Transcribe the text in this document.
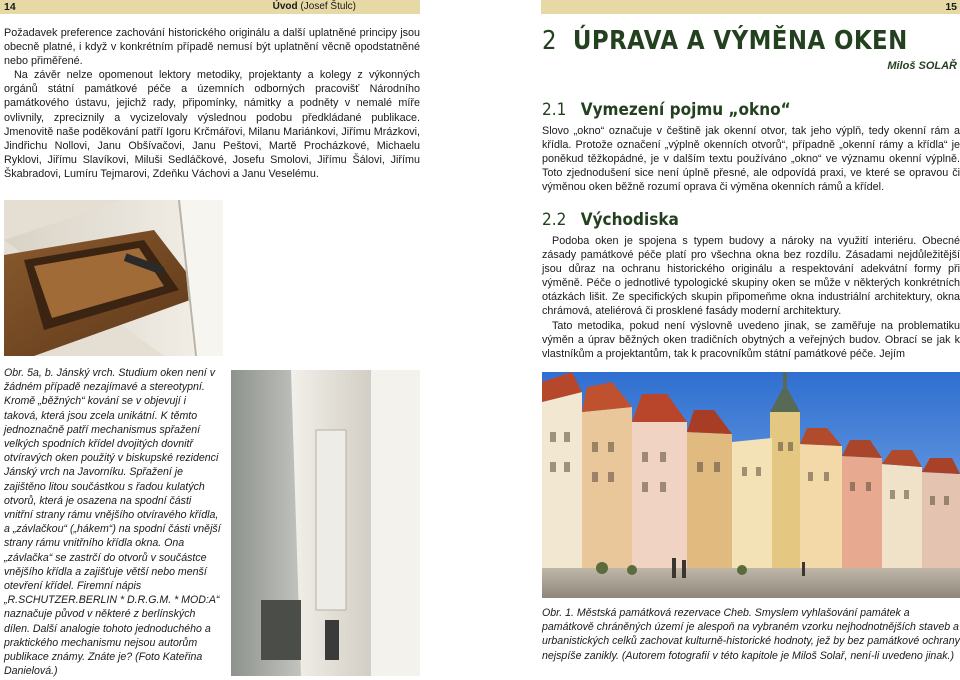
14	Úvod (Josef Štulc)

Požadavek preference zachování historického originálu a další uplatněné principy jsou obecně platné, i když v konkrétním případě nemusí být uplatnění věcně opodstatněné nebo přiměřené.

Na závěr nelze opomenout lektory metodiky, projektanty a kolegy z výkonných orgánů státní památkové péče a územních odborných pracovišť Národního památkového ústavu, jejichž rady, připomínky, námitky a podněty v nemalé míře ovlivnily, zpreciznily a vycizelovaly výslednou podobu předkládané publikace. Jmenovitě naše poděkování patří Igoru Krčmářovi, Milanu Mariánkovi, Jiřímu Mrázkovi, Jindřichu Nollovi, Janu Obšívačovi, Janu Peštovi, Martě Procházkové, Michaelu Ryklovi, Jiřímu Slavíkovi, Miluši Sedláčkové, Josefu Smolovi, Jiřímu Šálovi, Jiřímu Škabradovi, Lumíru Tejmarovi, Zdeňku Váchovi a Janu Veselému.

Obr. 5a, b. Jánský vrch. Studium oken není v žádném případě nezajímavé a stereotypní.

Kromě „běžných“ kování se v objevují i taková, která jsou zcela unikátní. K těmto jednoznačně patří mechanismus spřažení velkých spodních křídel dvojitých dovnitř otvíravých oken použitý v biskupské rezidenci Jánský vrch na Javorníku. Spřažení je zajištěno litou součástkou s řadou kulatých otvorů, která je osazena na spodní části vnitřní strany rámu vnějšího otvíravého křídla, a „závlačkou“ („hákem“) na spodní části vnější strany rámu vnitřního křídla okna. Ona „závlačka“ se zastrčí do otvorů v součástce vnějšího křídla a zajišťuje větší nebo menší otevření křídel. Firemní nápis „R.SCHUTZER.BERLIN * D.R.G.M. * MOD:A“ naznačuje původ v některé z berlínských dílen. Další analogie tohoto jednoduchého a praktického mechanismu nejsou autorům publikace známy. Znáte je? (Foto Kateřina Danielová.)

15
2 ÚPRAVA A VÝMĚNA OKEN
Miloš SOLAŘ
2.1 Vymezení pojmu „okno“

Slovo „okno“ označuje v češtině jak okenní otvor, tak jeho výplň, tedy okenní rám a křídla. Protože označení „výplně okenních otvorů“, případně „okenní rámy a křídla“ je poněkud těžkopádné, je v dalším textu používáno „okno“ ve významu okenní výplně. Toto zjednodušení sice není úplně přesné, ale odpovídá praxi, ve které se opravou či výměnou oken běžně rozumí oprava či výměna okenních rámů a křídel.

2.2 Východiska

Podoba oken je spojena s typem budovy a nároky na využití interiéru. Obecné zásady památkové péče platí pro všechna okna bez rozdílu. Zásadami nejdůležitější jsou důraz na ochranu historického originálu a respektování adekvátní formy při výměně. Péče o jednotlivé typologické skupiny oken se může v některých konkrétních otázkách lišit. Ze specifických skupin připomeňme okna industriální architektury, okna chrámová, ateliérová či prosklené fasády moderní architektury.

Tato metodika, pokud není výslovně uvedeno jinak, se zaměřuje na problematiku výměn a úprav běžných oken tradičních obytných a veřejných budov. Obrací se jak k vlastníkům a projektantům, tak k pracovníkům státní památkové péče. Jejím

Obr. 1. Městská památková rezervace Cheb. Smyslem vyhlašování památek a památkově chráněných území je alespoň na vybraném vzorku nejhodnotnějších staveb a urbanistických celků zachovat kulturně-historické hodnoty, jež by bez památkové ochrany nejspíše zanikly. (Autorem fotografií v této kapitole je Miloš Solař, není-li uvedeno jinak.)
